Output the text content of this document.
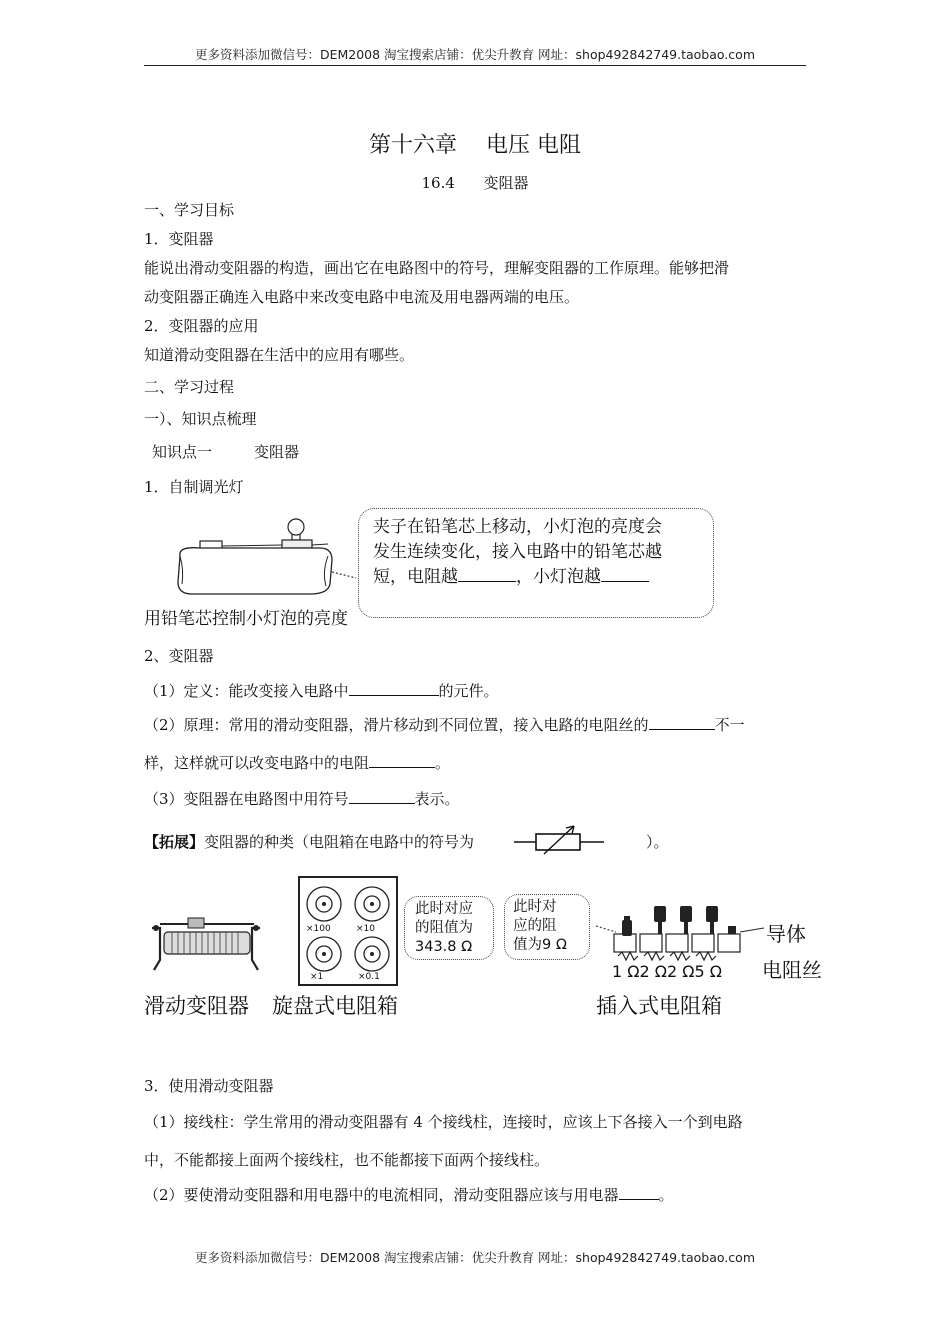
更多资料添加微信号：DEM2008 淘宝搜索店铺：优尖升教育 网址：shop492842749.taobao.com
第十六章　 电压 电阻
16.4 变阻器
一、学习目标
1．变阻器
能说出滑动变阻器的构造，画出它在电路图中的符号，理解变阻器的工作原理。能够把滑
动变阻器正确连入电路中来改变电路中电流及用电器两端的电压。
2．变阻器的应用
知道滑动变阻器在生活中的应用有哪些。
二、学习过程
一）、知识点梳理
知识点一	变阻器
1．自制调光灯
夹子在铅笔芯上移动，小灯泡的亮度会
发生连续变化，接入电路中的铅笔芯越
短，电阻越	，小灯泡越
用铅笔芯控制小灯泡的亮度
2、变阻器
（1）定义：能改变接入电路中	的元件。
（2）原理：常用的滑动变阻器，滑片移动到不同位置，接入电路的电阻丝的	不一
样，这样就可以改变电路中的电阻	。
（3）变阻器在电路图中用符号	表示。
【拓展】变阻器的种类（电阻箱在电路中的符号为	）。
×100	×10
×1	×0.1
此时对应
的阻值为
343.8 Ω
此时对
应的阻
值为9 Ω	导体
电阻丝
1 Ω2 Ω2 Ω5 Ω
滑动变阻器 旋盘式电阻箱	插入式电阻箱
3．使用滑动变阻器
（1）接线柱：学生常用的滑动变阻器有 4 个接线柱，连接时，应该上下各接入一个到电路
中，不能都接上面两个接线柱，也不能都接下面两个接线柱。
（2）要使滑动变阻器和用电器中的电流相同，滑动变阻器应该与用电器	。
更多资料添加微信号：DEM2008 淘宝搜索店铺：优尖升教育 网址：shop492842749.taobao.com
